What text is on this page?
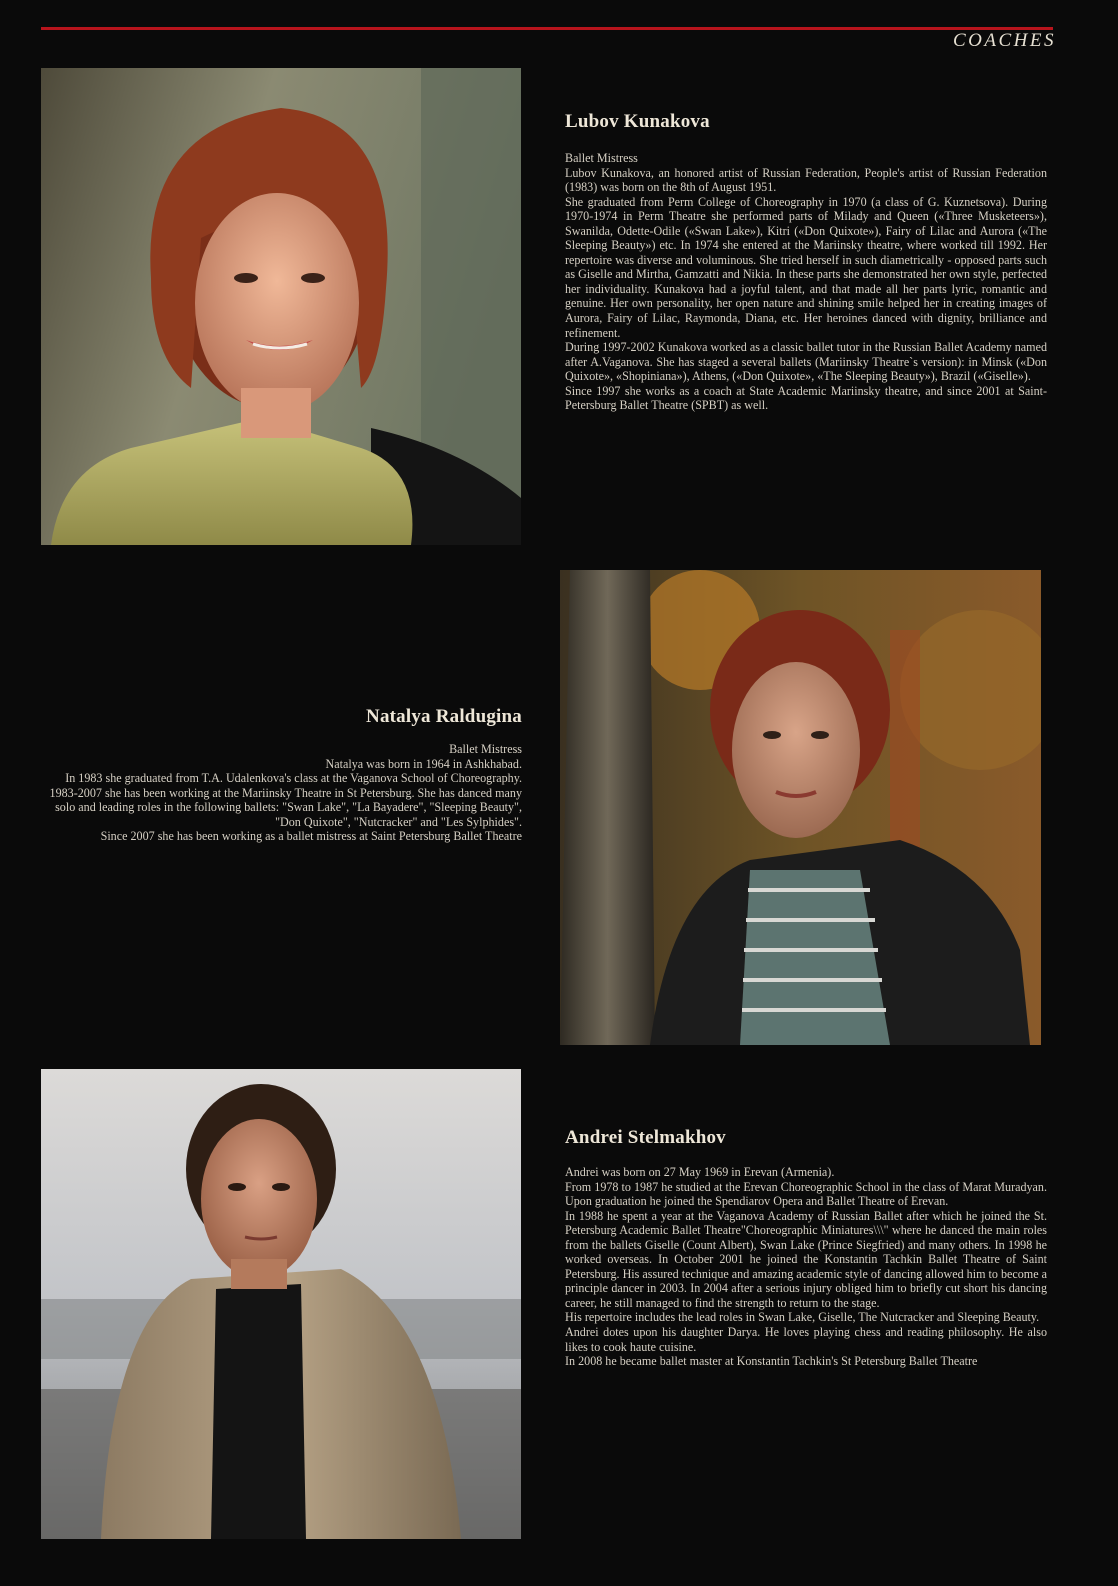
COACHES
Lubov Kunakova

Ballet Mistress

Lubov Kunakova, an honored artist of Russian Federation, People's artist of Russian Federation (1983) was born on the 8th of August 1951.

She graduated from Perm College of Choreography in 1970 (a class of G. Kuznetsova). During 1970-1974 in Perm Theatre she performed parts of Milady and Queen («Three Musketeers»), Swanilda, Odette-Odile («Swan Lake»), Kitri («Don Quixote»), Fairy of Lilac and Aurora («The Sleeping Beauty») etc. In 1974 she entered at the Mariinsky theatre, where worked till 1992. Her repertoire was diverse and voluminous. She tried herself in such diametrically - opposed parts such as Giselle and Mirtha, Gamzatti and Nikia. In these parts she demonstrated her own style, perfected her individuality. Kunakova had a joyful talent, and that made all her parts lyric, romantic and genuine. Her own personality, her open nature and shining smile helped her in creating images of Aurora, Fairy of Lilac, Raymonda, Diana, etc. Her heroines danced with dignity, brilliance and refinement.

During 1997-2002 Kunakova worked as a classic ballet tutor in the Russian Ballet Academy named after A.Vaganova. She has staged a several ballets (Mariinsky Theatre`s version): in Minsk («Don Quixote», «Shopiniana»), Athens, («Don Quixote», «The Sleeping Beauty»), Brazil («Giselle»).

Since 1997 she works as a coach at State Academic Mariinsky theatre, and since 2001 at Saint-Petersburg Ballet Theatre (SPBT) as well.

Natalya Raldugina

Ballet Mistress

Natalya was born in 1964 in Ashkhabad.

In 1983 she graduated from T.A. Udalenkova's class at the Vaganova School of Choreography.

1983-2007 she has been working at the Mariinsky Theatre in St Petersburg. She has danced many solo and leading roles in the following ballets: "Swan Lake", "La Bayadere", "Sleeping Beauty", "Don Quixote", "Nutcracker" and "Les Sylphides".

Since 2007 she has been working as a ballet mistress at Saint Petersburg Ballet Theatre

Andrei Stelmakhov

Andrei was born on 27 May 1969 in Erevan (Armenia).

From 1978 to 1987 he studied at the Erevan Choreographic School in the class of Marat Muradyan. Upon graduation he joined the Spendiarov Opera and Ballet Theatre of Erevan.

In 1988 he spent a year at the Vaganova Academy of Russian Ballet after which he joined the St. Petersburg Academic Ballet Theatre"Choreographic Miniatures\\\" where he danced the main roles from the ballets Giselle (Count Albert), Swan Lake (Prince Siegfried) and many others. In 1998 he worked overseas. In October 2001 he joined the Konstantin Tachkin Ballet Theatre of Saint Petersburg. His assured technique and amazing academic style of dancing allowed him to become a principle dancer in 2003. In 2004 after a serious injury obliged him to briefly cut short his dancing career, he still managed to find the strength to return to the stage.

His repertoire includes the lead roles in Swan Lake, Giselle, The Nutcracker and Sleeping Beauty.

Andrei dotes upon his daughter Darya. He loves playing chess and reading philosophy. He also likes to cook haute cuisine.

In 2008 he became ballet master at Konstantin Tachkin's St Petersburg Ballet Theatre
